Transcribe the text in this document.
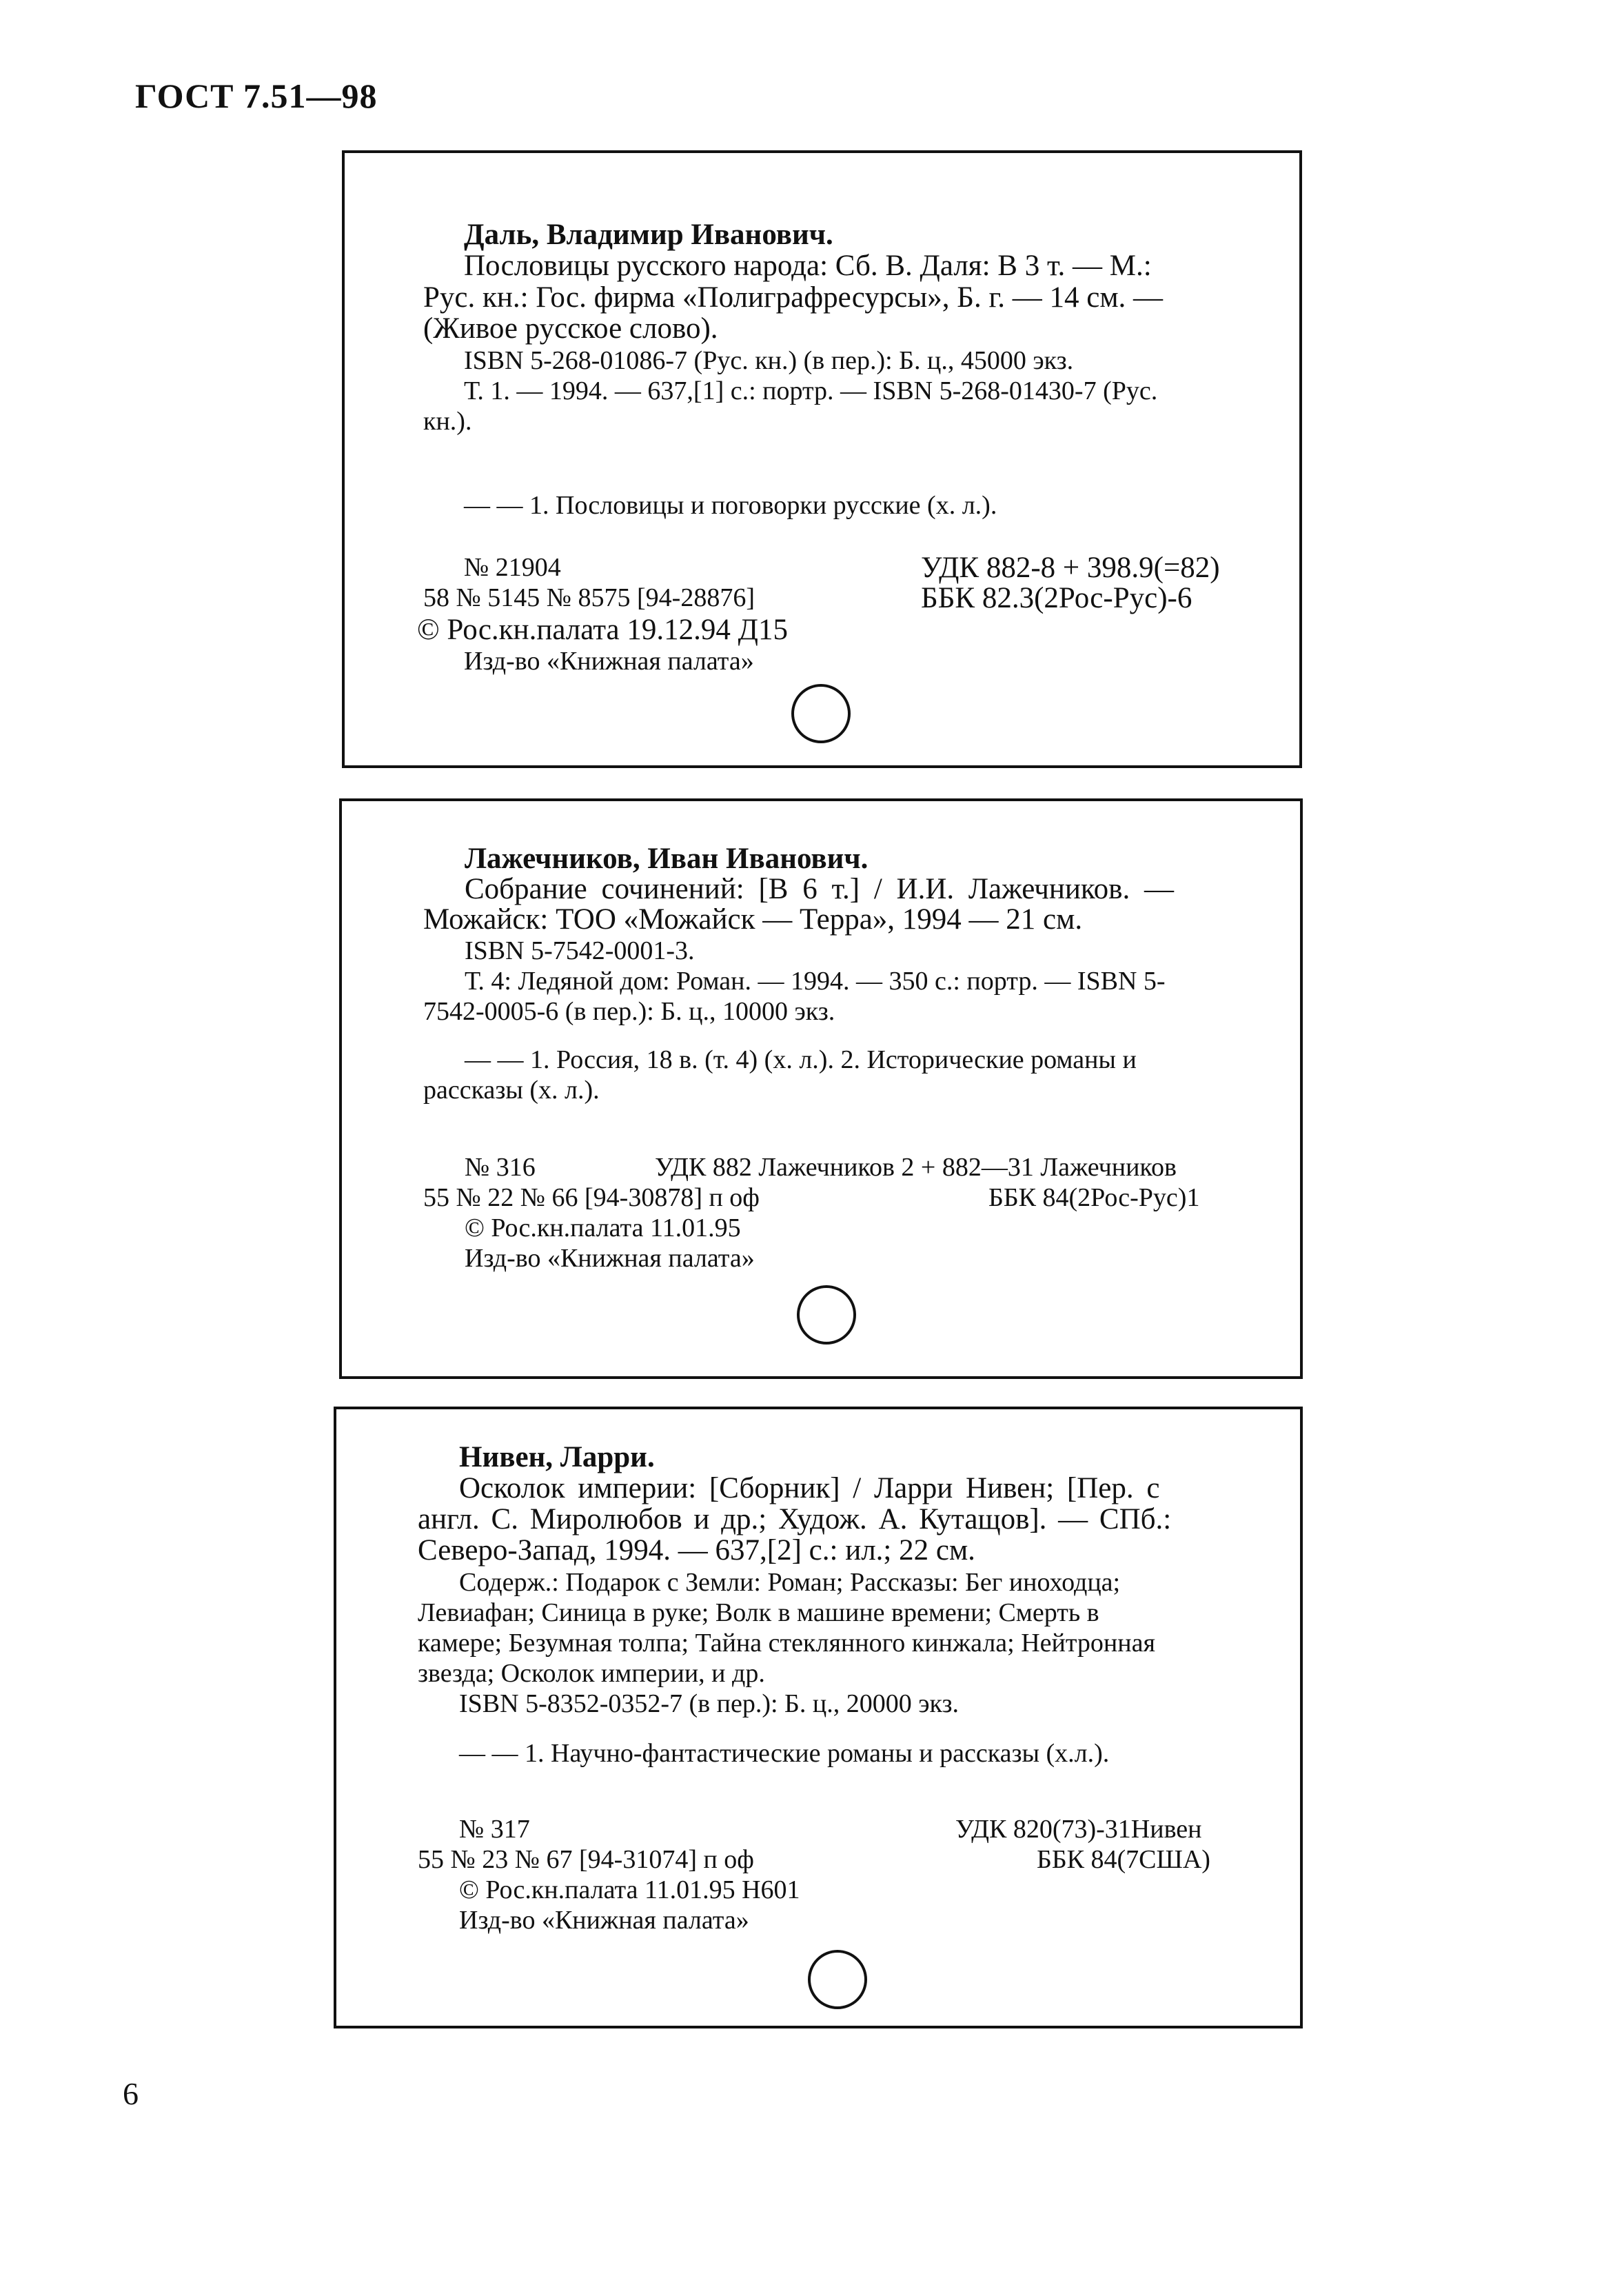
ГОСТ 7.51—98
Даль, Владимир Иванович.
Пословицы русского народа: Сб. В. Даля: В 3 т. — М.:
Рус. кн.: Гос. фирма «Полиграфресурсы», Б. г. — 14 см. —
(Живое русское слово).
ISBN 5-268-01086-7 (Рус. кн.) (в пер.): Б. ц., 45000 экз.
Т. 1. — 1994. — 637,[1] с.: портр. — ISBN 5-268-01430-7 (Рус.
кн.).
— — 1. Пословицы и поговорки русские (х. л.).
№ 21904	УДК 882-8 + 398.9(=82)
58 № 5145 № 8575 [94-28876]	ББК 82.3(2Рос-Рус)-6
© Рос.кн.палата 19.12.94 Д15
Изд-во «Книжная палата»
Лажечников, Иван Иванович.
Собрание сочинений: [В 6 т.] / И.И. Лажечников. —
Можайск: ТОО «Можайск — Терра», 1994 — 21 см.
ISBN 5-7542-0001-3.
Т. 4: Ледяной дом: Роман. — 1994. — 350 с.: портр. — ISBN 5-
7542-0005-6 (в пер.): Б. ц., 10000 экз.
— — 1. Россия, 18 в. (т. 4) (х. л.). 2. Исторические романы и
рассказы (х. л.).
№ 316	УДК 882 Лажечников 2 + 882—31 Лажечников
55 № 22 № 66 [94-30878] п оф	ББК 84(2Рос-Рус)1
© Рос.кн.палата 11.01.95
Изд-во «Книжная палата»
Нивен, Ларри.
Осколок империи: [Сборник] / Ларри Нивен; [Пер. с
англ. С. Миролюбов и др.; Худож. А. Кутащов]. — СПб.:
Северо-Запад, 1994. — 637,[2] с.: ил.; 22 см.
Содерж.: Подарок с Земли: Роман; Рассказы: Бег иноходца;
Левиафан; Синица в руке; Волк в машине времени; Смерть в
камере; Безумная толпа; Тайна стеклянного кинжала; Нейтронная
звезда; Осколок империи, и др.
ISBN 5-8352-0352-7 (в пер.): Б. ц., 20000 экз.
— — 1. Научно-фантастические романы и рассказы (х.л.).
№ 317	УДК 820(73)-31Нивен
55 № 23 № 67 [94-31074] п оф	ББК 84(7США)
© Рос.кн.палата 11.01.95 Н601
Изд-во «Книжная палата»
6
